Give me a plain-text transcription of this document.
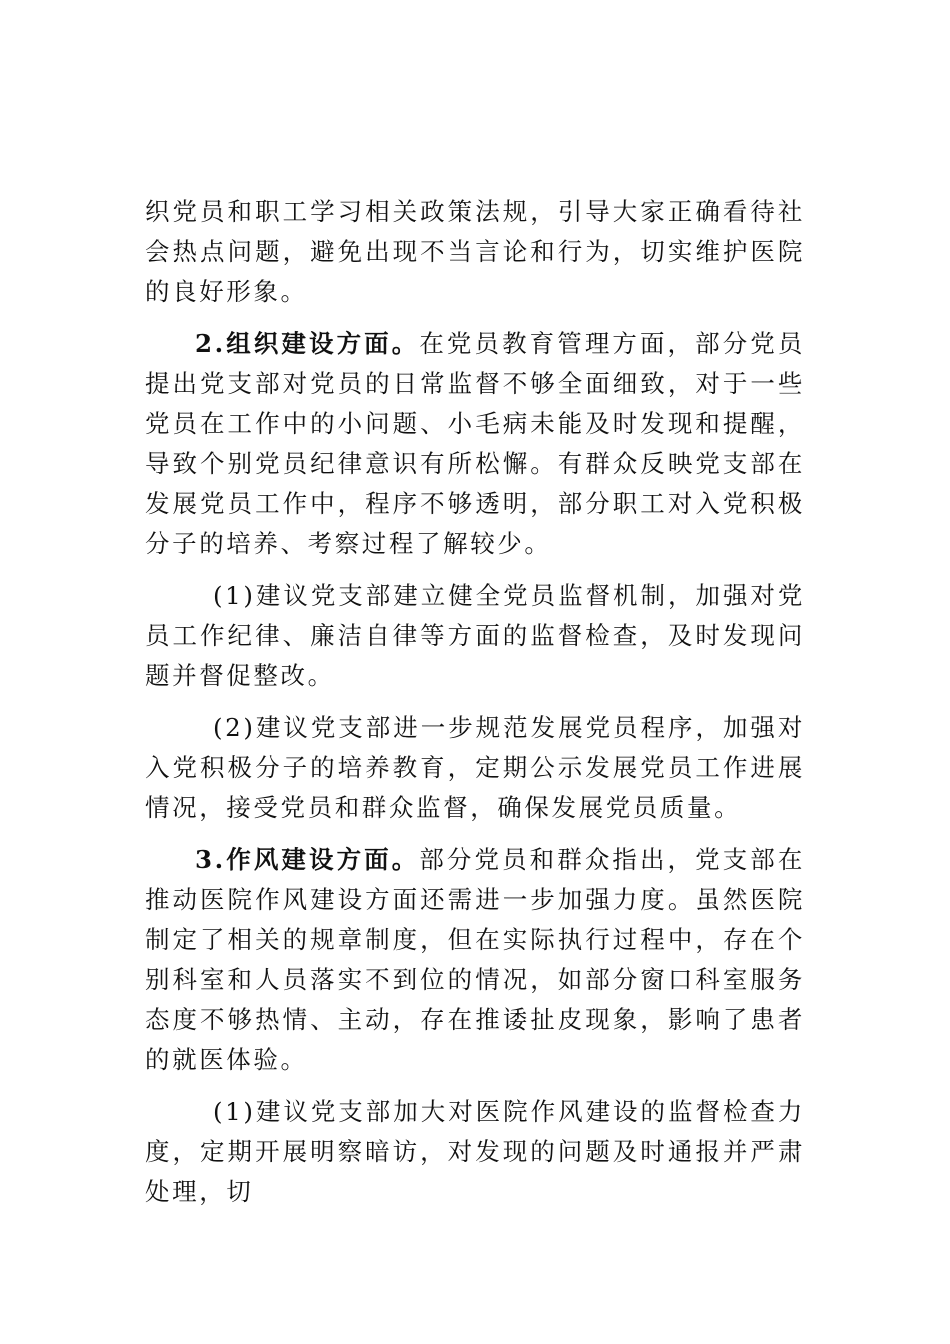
织党员和职工学习相关政策法规，引导大家正确看待社会热点问题，避免出现不当言论和行为，切实维护医院的良好形象。

2.组织建设方面。在党员教育管理方面，部分党员提出党支部对党员的日常监督不够全面细致，对于一些党员在工作中的小问题、小毛病未能及时发现和提醒，导致个别党员纪律意识有所松懈。有群众反映党支部在发展党员工作中，程序不够透明，部分职工对入党积极分子的培养、考察过程了解较少。

(1)建议党支部建立健全党员监督机制，加强对党员工作纪律、廉洁自律等方面的监督检查，及时发现问题并督促整改。

(2)建议党支部进一步规范发展党员程序，加强对入党积极分子的培养教育，定期公示发展党员工作进展情况，接受党员和群众监督，确保发展党员质量。

3.作风建设方面。部分党员和群众指出，党支部在推动医院作风建设方面还需进一步加强力度。虽然医院制定了相关的规章制度，但在实际执行过程中，存在个别科室和人员落实不到位的情况，如部分窗口科室服务态度不够热情、主动，存在推诿扯皮现象，影响了患者的就医体验。

(1)建议党支部加大对医院作风建设的监督检查力度，定期开展明察暗访，对发现的问题及时通报并严肃处理，切
